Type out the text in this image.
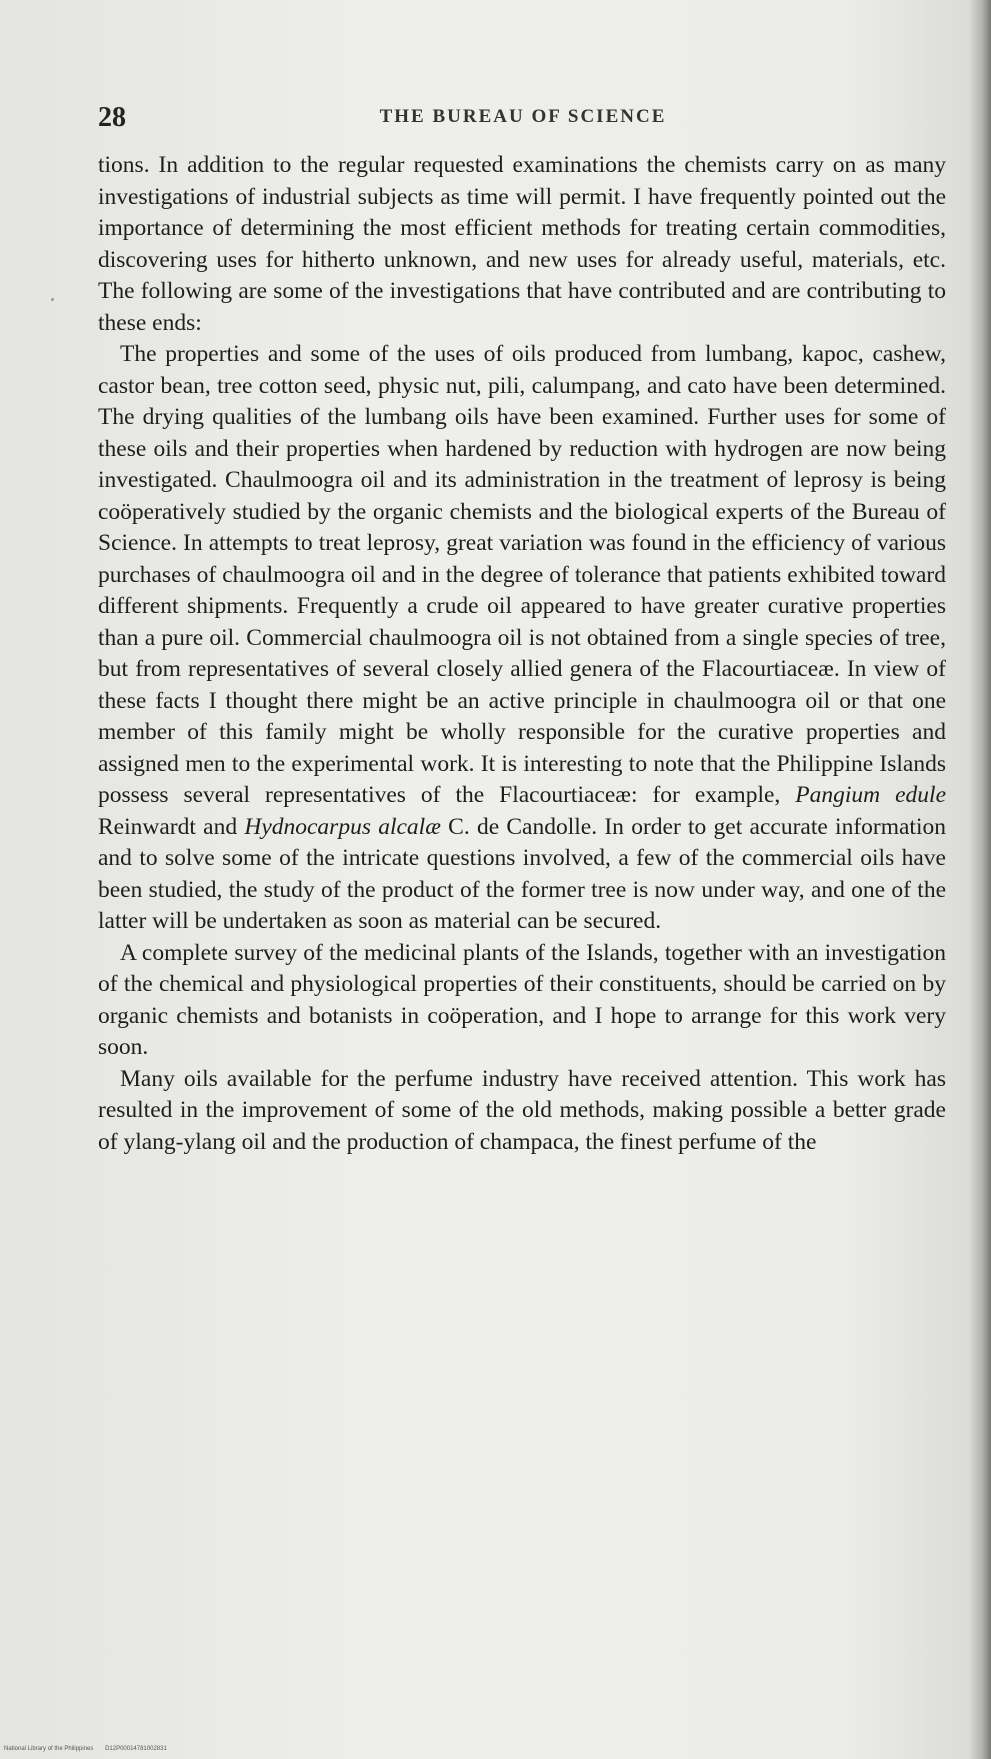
28	THE BUREAU OF SCIENCE

tions. In addition to the regular requested examinations the chemists carry on as many investigations of industrial subjects as time will permit. I have frequently pointed out the importance of determining the most efficient methods for treating certain commodities, discovering uses for hitherto unknown, and new uses for already useful, materials, etc. The following are some of the investigations that have contributed and are contributing to these ends:

The properties and some of the uses of oils produced from lumbang, kapoc, cashew, castor bean, tree cotton seed, physic nut, pili, calumpang, and cato have been determined. The drying qualities of the lumbang oils have been examined. Further uses for some of these oils and their properties when hardened by reduction with hydrogen are now being investigated. Chaulmoogra oil and its administration in the treatment of leprosy is being coöperatively studied by the organic chemists and the biological experts of the Bureau of Science. In attempts to treat leprosy, great variation was found in the efficiency of various purchases of chaulmoogra oil and in the degree of tolerance that patients exhibited toward different shipments. Frequently a crude oil appeared to have greater curative properties than a pure oil. Commercial chaulmoogra oil is not obtained from a single species of tree, but from representatives of several closely allied genera of the Flacourtiaceæ. In view of these facts I thought there might be an active principle in chaulmoogra oil or that one member of this family might be wholly responsible for the curative properties and assigned men to the experimental work. It is interesting to note that the Philippine Islands possess several representatives of the Flacourtiaceæ: for example, Pangium edule Reinwardt and Hydnocarpus alcalæ C. de Candolle. In order to get accurate information and to solve some of the intricate questions involved, a few of the commercial oils have been studied, the study of the product of the former tree is now under way, and one of the latter will be undertaken as soon as material can be secured.

A complete survey of the medicinal plants of the Islands, together with an investigation of the chemical and physiological properties of their constituents, should be carried on by organic chemists and botanists in coöperation, and I hope to arrange for this work very soon.

Many oils available for the perfume industry have received attention. This work has resulted in the improvement of some of the old methods, making possible a better grade of ylang-ylang oil and the production of champaca, the finest perfume of the

National Library of the Philippines D12P00014781002831
